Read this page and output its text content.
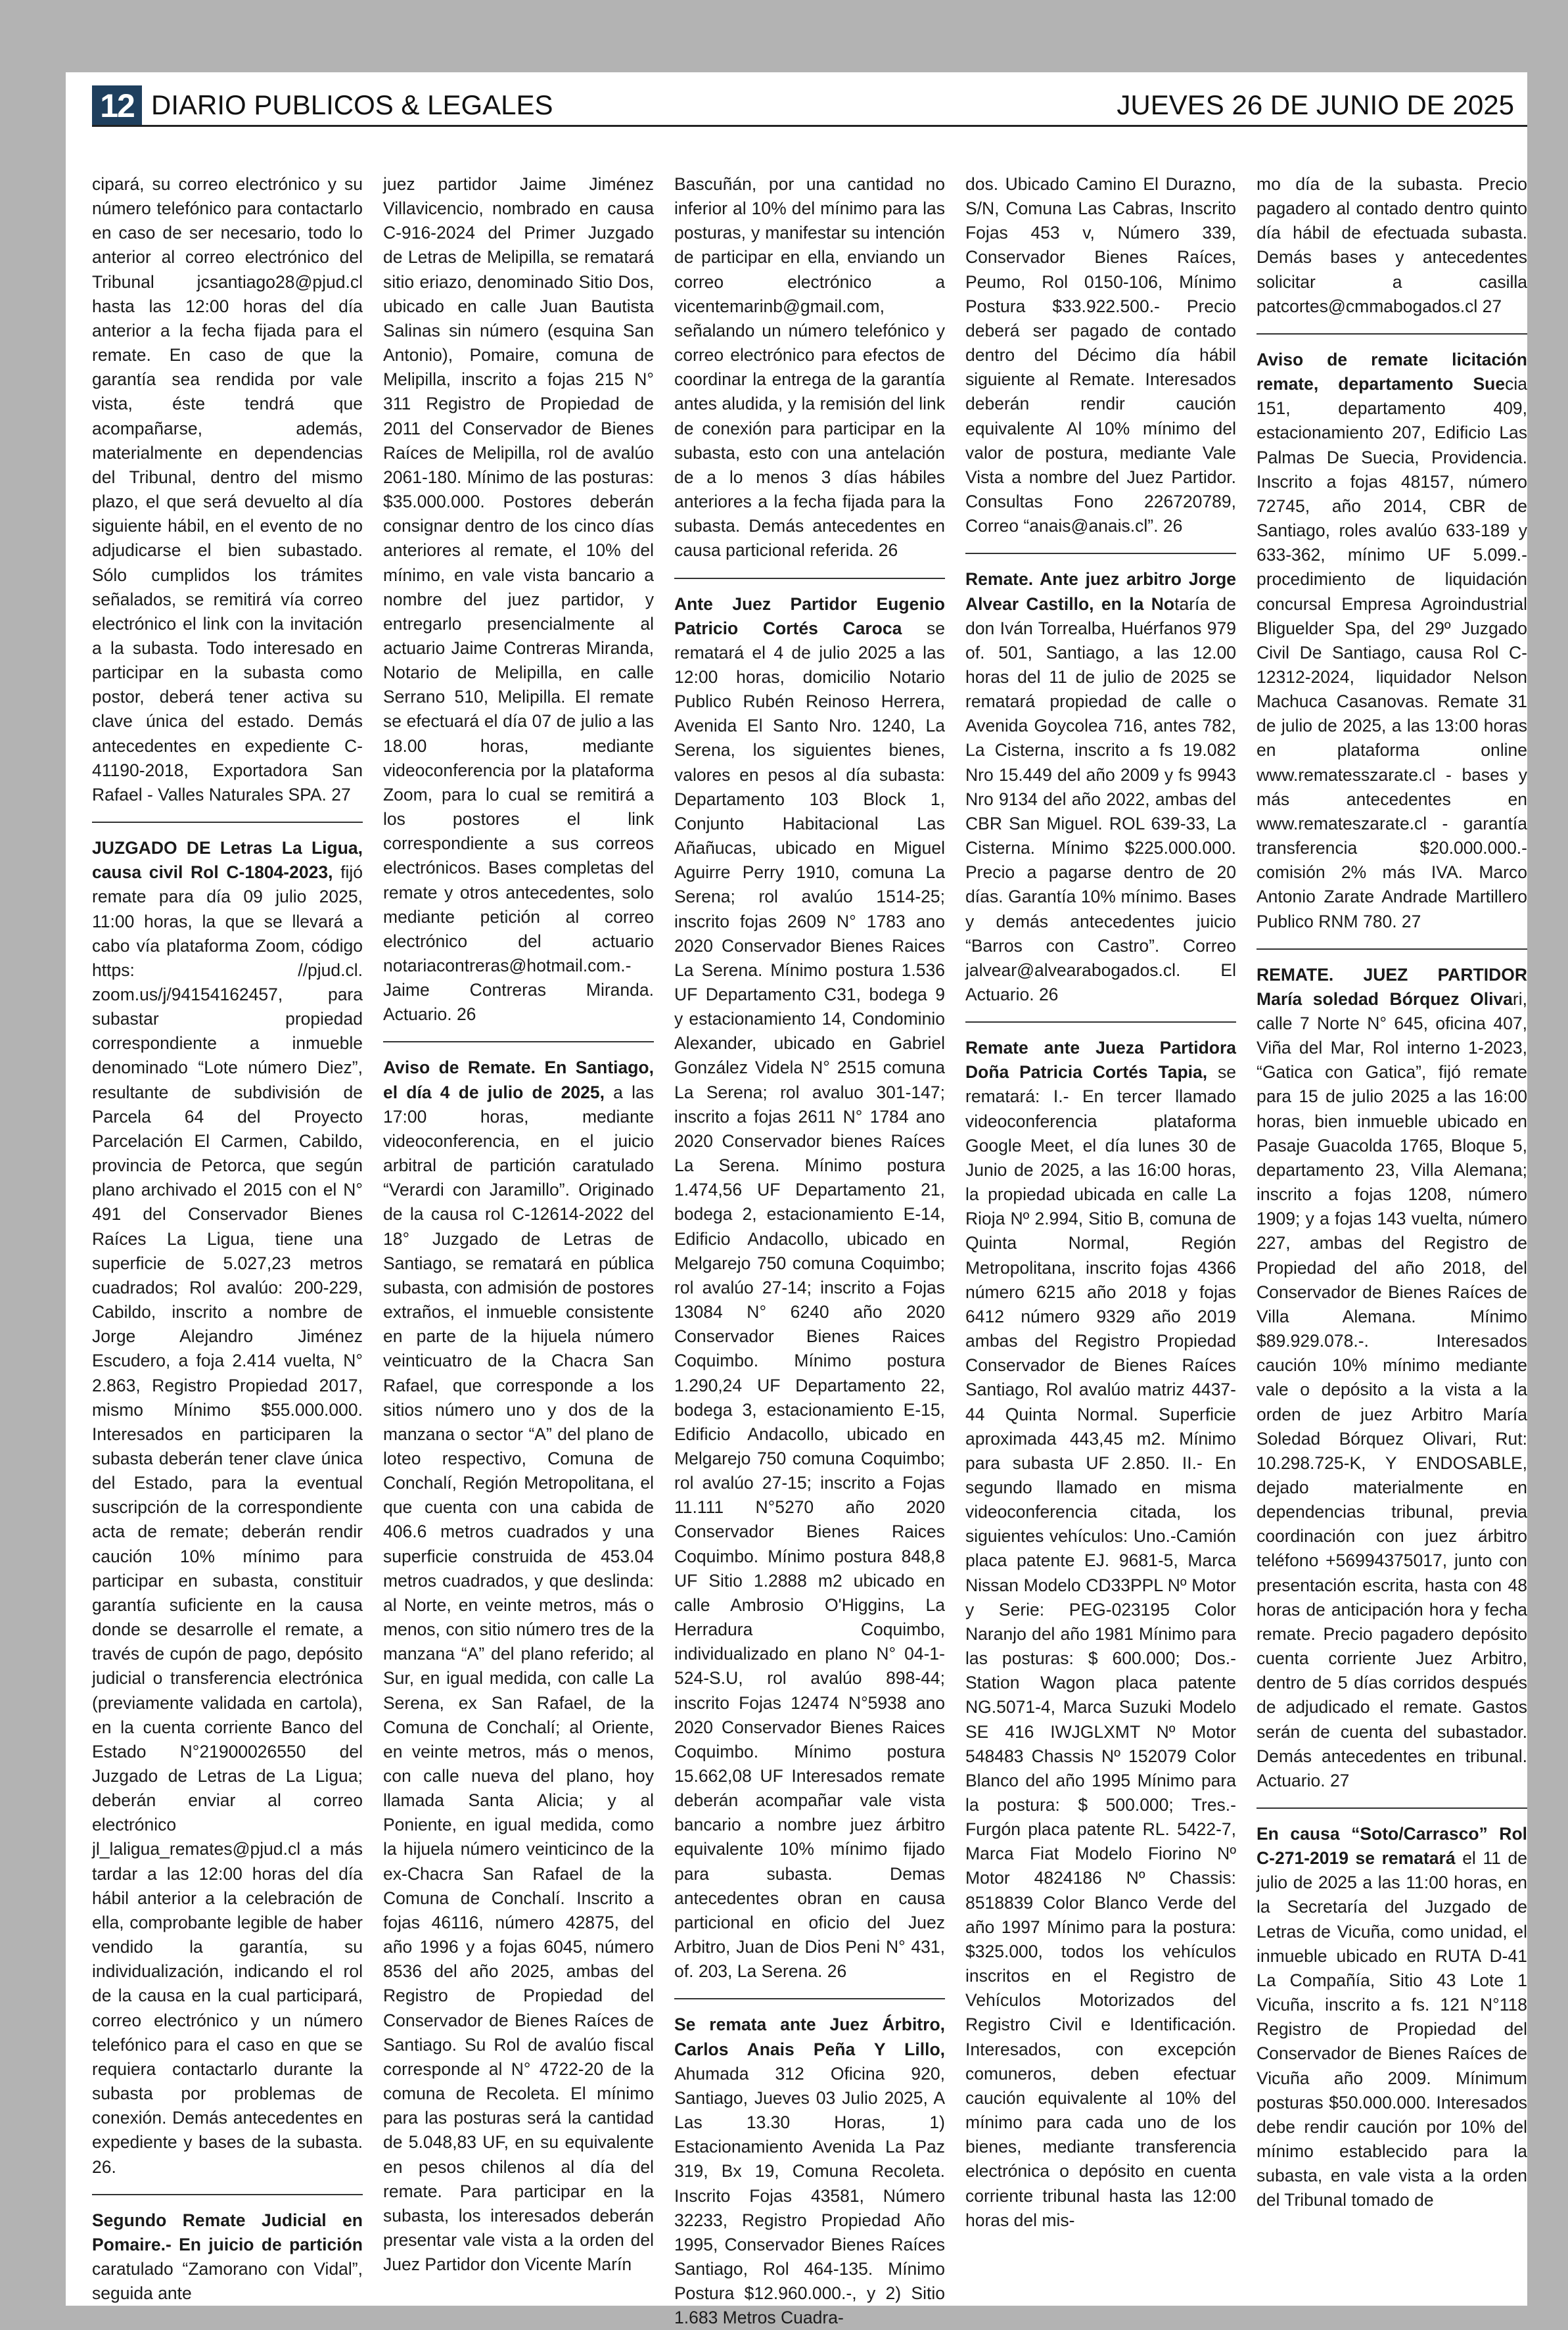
12 DIARIO PUBLICOS & LEGALES	JUEVES 26 DE JUNIO DE 2025

cipará, su correo electrónico y su número telefónico para contactarlo en caso de ser necesario, todo lo anterior al correo electrónico del Tribunal jcsantiago28@pjud.cl hasta las 12:00 horas del día anterior a la fecha fijada para el remate. En caso de que la garantía sea rendida por vale vista, éste tendrá que acompañarse, además, materialmente en dependencias del Tribunal, dentro del mismo plazo, el que será devuelto al día siguiente hábil, en el evento de no adjudicarse el bien subastado. Sólo cumplidos los trámites señalados, se remitirá vía correo electrónico el link con la invitación a la subasta. Todo interesado en participar en la subasta como postor, deberá tener activa su clave única del estado. Demás antecedentes en expediente C-41190-2018, Exportadora San Rafael - Valles Naturales SPA. 27

JUZGADO DE Letras La Ligua, causa civil Rol C-1804-2023, fijó remate para día 09 julio 2025, 11:00 horas, la que se llevará a cabo vía plataforma Zoom, código https: //pjud.cl. zoom.us/j/94154162457, para subastar propiedad correspondiente a inmueble denominado “Lote número Diez”, resultante de subdivisión de Parcela 64 del Proyecto Parcelación El Carmen, Cabildo, provincia de Petorca, que según plano archivado el 2015 con el N° 491 del Conservador Bienes Raíces La Ligua, tiene una superficie de 5.027,23 metros cuadrados; Rol avalúo: 200-229, Cabildo, inscrito a nombre de Jorge Alejandro Jiménez Escudero, a foja 2.414 vuelta, N° 2.863, Registro Propiedad 2017, mismo Mínimo $55.000.000. Interesados en participaren la subasta deberán tener clave única del Estado, para la eventual suscripción de la correspondiente acta de remate; deberán rendir caución 10% mínimo para participar en subasta, constituir garantía suficiente en la causa donde se desarrolle el remate, a través de cupón de pago, depósito judicial o transferencia electrónica (previamente validada en cartola), en la cuenta corriente Banco del Estado N°21900026550 del Juzgado de Letras de La Ligua; deberán enviar al correo electrónico jl_laligua_remates@pjud.cl a más tardar a las 12:00 horas del día hábil anterior a la celebración de ella, comprobante legible de haber vendido la garantía, su individualización, indicando el rol de la causa en la cual participará, correo electrónico y un número telefónico para el caso en que se requiera contactarlo durante la subasta por problemas de conexión. Demás antecedentes en expediente y bases de la subasta. 26.

Segundo Remate Judicial en Pomaire.- En juicio de partición caratulado “Zamorano con Vidal”, seguida ante

juez partidor Jaime Jiménez Villavicencio, nombrado en causa C-916-2024 del Primer Juzgado de Letras de Melipilla, se rematará sitio eriazo, denominado Sitio Dos, ubicado en calle Juan Bautista Salinas sin número (esquina San Antonio), Pomaire, comuna de Melipilla, inscrito a fojas 215 N° 311 Registro de Propiedad de 2011 del Conservador de Bienes Raíces de Melipilla, rol de avalúo 2061-180. Mínimo de las posturas: $35.000.000. Postores deberán consignar dentro de los cinco días anteriores al remate, el 10% del mínimo, en vale vista bancario a nombre del juez partidor, y entregarlo presencialmente al actuario Jaime Contreras Miranda, Notario de Melipilla, en calle Serrano 510, Melipilla. El remate se efectuará el día 07 de julio a las 18.00 horas, mediante videoconferencia por la plataforma Zoom, para lo cual se remitirá a los postores el link correspondiente a sus correos electrónicos. Bases completas del remate y otros antecedentes, solo mediante petición al correo electrónico del actuario notariacontreras@hotmail.com.- Jaime Contreras Miranda. Actuario. 26

Aviso de Remate. En Santiago, el día 4 de julio de 2025, a las 17:00 horas, mediante videoconferencia, en el juicio arbitral de partición caratulado “Verardi con Jaramillo”. Originado de la causa rol C-12614-2022 del 18° Juzgado de Letras de Santiago, se rematará en pública subasta, con admisión de postores extraños, el inmueble consistente en parte de la hijuela número veinticuatro de la Chacra San Rafael, que corresponde a los sitios número uno y dos de la manzana o sector “A” del plano de loteo respectivo, Comuna de Conchalí, Región Metropolitana, el que cuenta con una cabida de 406.6 metros cuadrados y una superficie construida de 453.04 metros cuadrados, y que deslinda: al Norte, en veinte metros, más o menos, con sitio número tres de la manzana “A” del plano referido; al Sur, en igual medida, con calle La Serena, ex San Rafael, de la Comuna de Conchalí; al Oriente, en veinte metros, más o menos, con calle nueva del plano, hoy llamada Santa Alicia; y al Poniente, en igual medida, como la hijuela número veinticinco de la ex-Chacra San Rafael de la Comuna de Conchalí. Inscrito a fojas 46116, número 42875, del año 1996 y a fojas 6045, número 8536 del año 2025, ambas del Registro de Propiedad del Conservador de Bienes Raíces de Santiago. Su Rol de avalúo fiscal corresponde al N° 4722-20 de la comuna de Recoleta. El mínimo para las posturas será la cantidad de 5.048,83 UF, en su equivalente en pesos chilenos al día del remate. Para participar en la subasta, los interesados deberán presentar vale vista a la orden del Juez Partidor don Vicente Marín

Bascuñán, por una cantidad no inferior al 10% del mínimo para las posturas, y manifestar su intención de participar en ella, enviando un correo electrónico a vicentemarinb@gmail.com, señalando un número telefónico y correo electrónico para efectos de coordinar la entrega de la garantía antes aludida, y la remisión del link de conexión para participar en la subasta, esto con una antelación de a lo menos 3 días hábiles anteriores a la fecha fijada para la subasta. Demás antecedentes en causa particional referida. 26

Ante Juez Partidor Eugenio Patricio Cortés Caroca se rematará el 4 de julio 2025 a las 12:00 horas, domicilio Notario Publico Rubén Reinoso Herrera, Avenida El Santo Nro. 1240, La Serena, los siguientes bienes, valores en pesos al día subasta: Departamento 103 Block 1, Conjunto Habitacional Las Añañucas, ubicado en Miguel Aguirre Perry 1910, comuna La Serena; rol avalúo 1514-25; inscrito fojas 2609 N° 1783 ano 2020 Conservador Bienes Raices La Serena. Mínimo postura 1.536 UF Departamento C31, bodega 9 y estacionamiento 14, Condominio Alexander, ubicado en Gabriel González Videla N° 2515 comuna La Serena; rol avaluo 301-147; inscrito a fojas 2611 N° 1784 ano 2020 Conservador bienes Raíces La Serena. Mínimo postura 1.474,56 UF Departamento 21, bodega 2, estacionamiento E-14, Edificio Andacollo, ubicado en Melgarejo 750 comuna Coquimbo; rol avalúo 27-14; inscrito a Fojas 13084 N° 6240 año 2020 Conservador Bienes Raices Coquimbo. Mínimo postura 1.290,24 UF Departamento 22, bodega 3, estacionamiento E-15, Edificio Andacollo, ubicado en Melgarejo 750 comuna Coquimbo; rol avalúo 27-15; inscrito a Fojas 11.111 N°5270 año 2020 Conservador Bienes Raices Coquimbo. Mínimo postura 848,8 UF Sitio 1.2888 m2 ubicado en calle Ambrosio O'Higgins, La Herradura Coquimbo, individualizado en plano N° 04-1- 524-S.U, rol avalúo 898-44; inscrito Fojas 12474 N°5938 ano 2020 Conservador Bienes Raices Coquimbo. Mínimo postura 15.662,08 UF Interesados remate deberán acompañar vale vista bancario a nombre juez árbitro equivalente 10% mínimo fijado para subasta. Demas antecedentes obran en causa particional en oficio del Juez Arbitro, Juan de Dios Peni N° 431, of. 203, La Serena. 26

Se remata ante Juez Árbitro, Carlos Anais Peña Y Lillo, Ahumada 312 Oficina 920, Santiago, Jueves 03 Julio 2025, A Las 13.30 Horas, 1) Estacionamiento Avenida La Paz 319, Bx 19, Comuna Recoleta. Inscrito Fojas 43581, Número 32233, Registro Propiedad Año 1995, Conservador Bienes Raíces Santiago, Rol 464-135. Mínimo Postura $12.960.000.-, y 2) Sitio 1.683 Metros Cuadra-

dos. Ubicado Camino El Durazno, S/N, Comuna Las Cabras, Inscrito Fojas 453 v, Número 339, Conservador Bienes Raíces, Peumo, Rol 0150-106, Mínimo Postura $33.922.500.- Precio deberá ser pagado de contado dentro del Décimo día hábil siguiente al Remate. Interesados deberán rendir caución equivalente Al 10% mínimo del valor de postura, mediante Vale Vista a nombre del Juez Partidor. Consultas Fono 226720789, Correo “anais@anais.cl”. 26

Remate. Ante juez arbitro Jorge Alvear Castillo, en la Notaría de don Iván Torrealba, Huérfanos 979 of. 501, Santiago, a las 12.00 horas del 11 de julio de 2025 se rematará propiedad de calle o Avenida Goycolea 716, antes 782, La Cisterna, inscrito a fs 19.082 Nro 15.449 del año 2009 y fs 9943 Nro 9134 del año 2022, ambas del CBR San Miguel. ROL 639-33, La Cisterna. Mínimo $225.000.000. Precio a pagarse dentro de 20 días. Garantía 10% mínimo. Bases y demás antecedentes juicio “Barros con Castro”. Correo jalvear@alvearabogados.cl. El Actuario. 26

Remate ante Jueza Partidora Doña Patricia Cortés Tapia, se rematará: I.- En tercer llamado videoconferencia plataforma Google Meet, el día lunes 30 de Junio de 2025, a las 16:00 horas, la propiedad ubicada en calle La Rioja Nº 2.994, Sitio B, comuna de Quinta Normal, Región Metropolitana, inscrito fojas 4366 número 6215 año 2018 y fojas 6412 número 9329 año 2019 ambas del Registro Propiedad Conservador de Bienes Raíces Santiago, Rol avalúo matriz 4437-44 Quinta Normal. Superficie aproximada 443,45 m2. Mínimo para subasta UF 2.850. II.- En segundo llamado en misma videoconferencia citada, los siguientes vehículos: Uno.-Camión placa patente EJ. 9681-5, Marca Nissan Modelo CD33PPL Nº Motor y Serie: PEG-023195 Color Naranjo del año 1981 Mínimo para las posturas: $ 600.000; Dos.- Station Wagon placa patente NG.5071-4, Marca Suzuki Modelo SE 416 IWJGLXMT Nº Motor 548483 Chassis Nº 152079 Color Blanco del año 1995 Mínimo para la postura: $ 500.000; Tres.- Furgón placa patente RL. 5422-7, Marca Fiat Modelo Fiorino Nº Motor 4824186 Nº Chassis: 8518839 Color Blanco Verde del año 1997 Mínimo para la postura: $325.000, todos los vehículos inscritos en el Registro de Vehículos Motorizados del Registro Civil e Identificación. Interesados, con excepción comuneros, deben efectuar caución equivalente al 10% del mínimo para cada uno de los bienes, mediante transferencia electrónica o depósito en cuenta corriente tribunal hasta las 12:00 horas del mis-

mo día de la subasta. Precio pagadero al contado dentro quinto día hábil de efectuada subasta. Demás bases y antecedentes solicitar a casilla patcortes@cmmabogados.cl 27

Aviso de remate licitación remate, departamento Suecia 151, departamento 409, estacionamiento 207, Edificio Las Palmas De Suecia, Providencia. Inscrito a fojas 48157, número 72745, año 2014, CBR de Santiago, roles avalúo 633-189 y 633-362, mínimo UF 5.099.- procedimiento de liquidación concursal Empresa Agroindustrial Bliguelder Spa, del 29º Juzgado Civil De Santiago, causa Rol C-12312-2024, liquidador Nelson Machuca Casanovas. Remate 31 de julio de 2025, a las 13:00 horas en plataforma online www.rematesszarate.cl - bases y más antecedentes en www.remateszarate.cl - garantía transferencia $20.000.000.- comisión 2% más IVA. Marco Antonio Zarate Andrade Martillero Publico RNM 780. 27

REMATE. JUEZ PARTIDOR María soledad Bórquez Olivari, calle 7 Norte N° 645, oficina 407, Viña del Mar, Rol interno 1-2023, “Gatica con Gatica”, fijó remate para 15 de julio 2025 a las 16:00 horas, bien inmueble ubicado en Pasaje Guacolda 1765, Bloque 5, departamento 23, Villa Alemana; inscrito a fojas 1208, número 1909; y a fojas 143 vuelta, número 227, ambas del Registro de Propiedad del año 2018, del Conservador de Bienes Raíces de Villa Alemana. Mínimo $89.929.078.-. Interesados caución 10% mínimo mediante vale o depósito a la vista a la orden de juez Arbitro María Soledad Bórquez Olivari, Rut: 10.298.725-K, Y ENDOSABLE, dejado materialmente en dependencias tribunal, previa coordinación con juez árbitro teléfono +56994375017, junto con presentación escrita, hasta con 48 horas de anticipación hora y fecha remate. Precio pagadero depósito cuenta corriente Juez Arbitro, dentro de 5 días corridos después de adjudicado el remate. Gastos serán de cuenta del subastador. Demás antecedentes en tribunal. Actuario. 27

En causa “Soto/Carrasco” Rol C-271-2019 se rematará el 11 de julio de 2025 a las 11:00 horas, en la Secretaría del Juzgado de Letras de Vicuña, como unidad, el inmueble ubicado en RUTA D-41 La Compañía, Sitio 43 Lote 1 Vicuña, inscrito a fs. 121 N°118 Registro de Propiedad del Conservador de Bienes Raíces de Vicuña año 2009. Mínimum posturas $50.000.000. Interesados debe rendir caución por 10% del mínimo establecido para la subasta, en vale vista a la orden del Tribunal tomado de
